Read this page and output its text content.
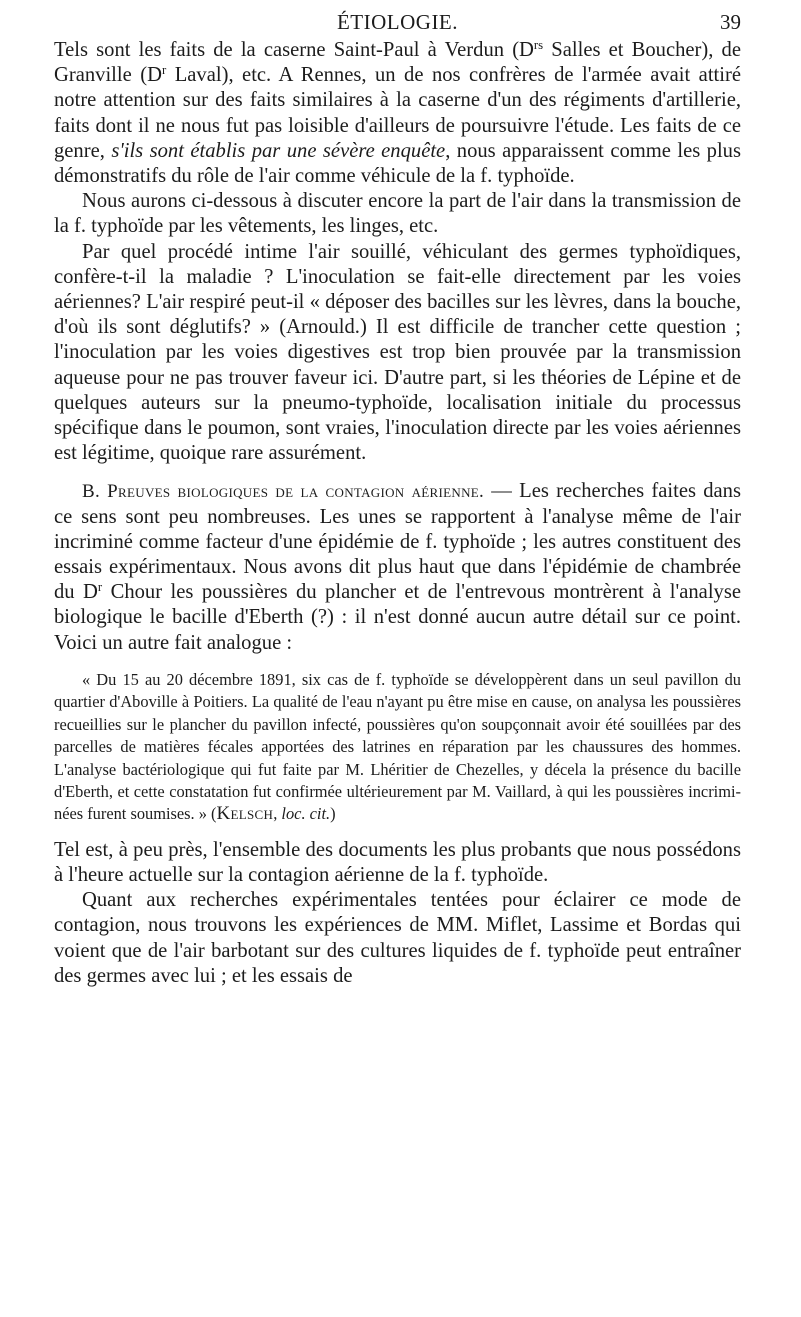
ÉTIOLOGIE.	39

Tels sont les faits de la caserne Saint-Paul à Verdun ($D^{rs}$ Salles et Boucher), de Granville ($D^r$ Laval), etc. A Rennes, un de nos confrères de l'armée avait attiré notre attention sur des faits similaires à la caserne d'un des régiments d'artillerie, faits dont il ne nous fut pas loisible d'ailleurs de poursuivre l'étude. Les faits de ce genre, s'ils sont établis par une sévère enquête, nous apparaissent comme les plus démonstratifs du rôle de l'air comme véhicule de la f. typhoïde.

Nous aurons ci-dessous à discuter encore la part de l'air dans la transmission de la f. typhoïde par les vêtements, les linges, etc.

Par quel procédé intime l'air souillé, véhiculant des germes typhoïdiques, confère-t-il la maladie ? L'inoculation se fait-elle directement par les voies aériennes? L'air respiré peut-il « déposer des bacilles sur les lèvres, dans la bouche, d'où ils sont déglutifs? » (Arnould.) Il est difficile de trancher cette question ; l'inoculation par les voies digestives est trop bien prouvée par la transmission aqueuse pour ne pas trouver faveur ici. D'autre part, si les théories de Lépine et de quelques auteurs sur la pneumo-typhoïde, localisation initiale du processus spécifique dans le poumon, sont vraies, l'inoculation directe par les voies aériennes est légitime, quoique rare assurément.

B. Preuves biologiques de la contagion aérienne. — Les recherches faites dans ce sens sont peu nombreuses. Les unes se rapportent à l'analyse même de l'air incriminé comme facteur d'une épidémie de f. typhoïde ; les autres constituent des essais expérimentaux. Nous avons dit plus haut que dans l'épidémie de chambrée du $D^r$ Chour les poussières du plancher et de l'entrevous montrèrent à l'analyse biologique le bacille d'Eberth (?) : il n'est donné aucun autre détail sur ce point. Voici un autre fait analogue :

« Du 15 au 20 décembre 1891, six cas de f. typhoïde se développèrent dans un seul pavillon du quartier d'Aboville à Poitiers. La qualité de l'eau n'ayant pu être mise en cause, on analysa les poussières recueillies sur le plancher du pavillon infecté, poussières qu'on soupçonnait avoir été souillées par des parcelles de matières fécales apportées des latrines en réparation par les chaussures des hommes. L'analyse bactériologique qui fut faite par M. Lhéritier de Chezelles, y décela la présence du bacille d'Eberth, et cette constatation fut confirmée ultérieurement par M. Vaillard, à qui les poussières incriminées furent soumises. » (Kelsch, loc. cit.)

Tel est, à peu près, l'ensemble des documents les plus probants que nous possédons à l'heure actuelle sur la contagion aérienne de la f. typhoïde.

Quant aux recherches expérimentales tentées pour éclairer ce mode de contagion, nous trouvons les expériences de MM. Miflet, Lassime et Bordas qui voient que de l'air barbotant sur des cultures liquides de f. typhoïde peut entraîner des germes avec lui ; et les essais de
